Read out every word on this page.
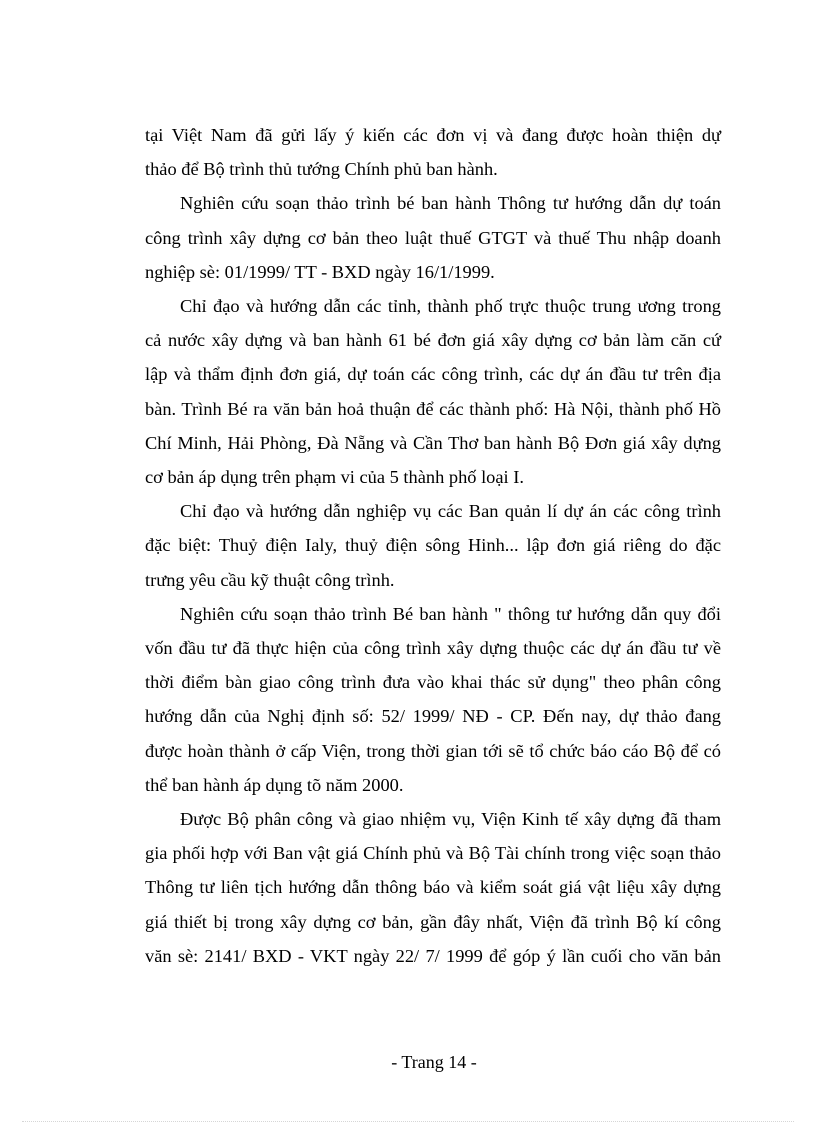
tại Việt Nam đã gửi lấy ý kiến các đơn vị và đang được hoàn thiện dự
thảo để Bộ trình thủ tướng Chính phủ ban hành.

Nghiên cứu soạn thảo trình bé ban hành Thông tư hướng dẫn dự toán
công trình xây dựng cơ bản theo luật thuế GTGT và thuế Thu nhập doanh
nghiệp sè: 01/1999/ TT - BXD ngày 16/1/1999.

Chỉ đạo và hướng dẫn các tỉnh, thành phố trực thuộc trung ương trong
cả nước xây dựng và ban hành 61 bé đơn giá xây dựng cơ bản làm căn cứ
lập và thẩm định đơn giá, dự toán các công trình, các dự án đầu tư trên địa
bàn. Trình Bé ra văn bản hoả thuận để các thành phố: Hà Nội, thành phố Hồ
Chí Minh, Hải Phòng, Đà Nẵng và Cần Thơ ban hành Bộ Đơn giá xây dựng
cơ bản áp dụng trên phạm vi của 5 thành phố loại I.

Chỉ đạo và hướng dẫn nghiệp vụ các Ban quản lí dự án các công trình
đặc biệt: Thuỷ điện Ialy, thuỷ điện sông Hinh... lập đơn giá riêng do đặc
trưng yêu cầu kỹ thuật công trình.

Nghiên cứu soạn thảo trình Bé ban hành " thông tư hướng dẫn quy đổi
vốn đầu tư đã thực hiện của công trình xây dựng thuộc các dự án đầu tư về
thời điểm bàn giao công trình đưa vào khai thác sử dụng" theo phân công
hướng dẫn của Nghị định số: 52/ 1999/ NĐ - CP. Đến nay, dự thảo đang
được hoàn thành ở cấp Viện, trong thời gian tới sẽ tổ chức báo cáo Bộ để có
thể ban hành áp dụng tõ năm 2000.

Được Bộ phân công và giao nhiệm vụ, Viện Kinh tế xây dựng đã tham
gia phối hợp với Ban vật giá Chính phủ và Bộ Tài chính trong việc soạn thảo
Thông tư liên tịch hướng dẫn thông báo và kiểm soát giá vật liệu xây dựng
giá thiết bị trong xây dựng cơ bản, gần đây nhất, Viện đã trình Bộ kí công
văn sè: 2141/ BXD - VKT ngày 22/ 7/ 1999 để góp ý lần cuối cho văn bản

- Trang 14 -
